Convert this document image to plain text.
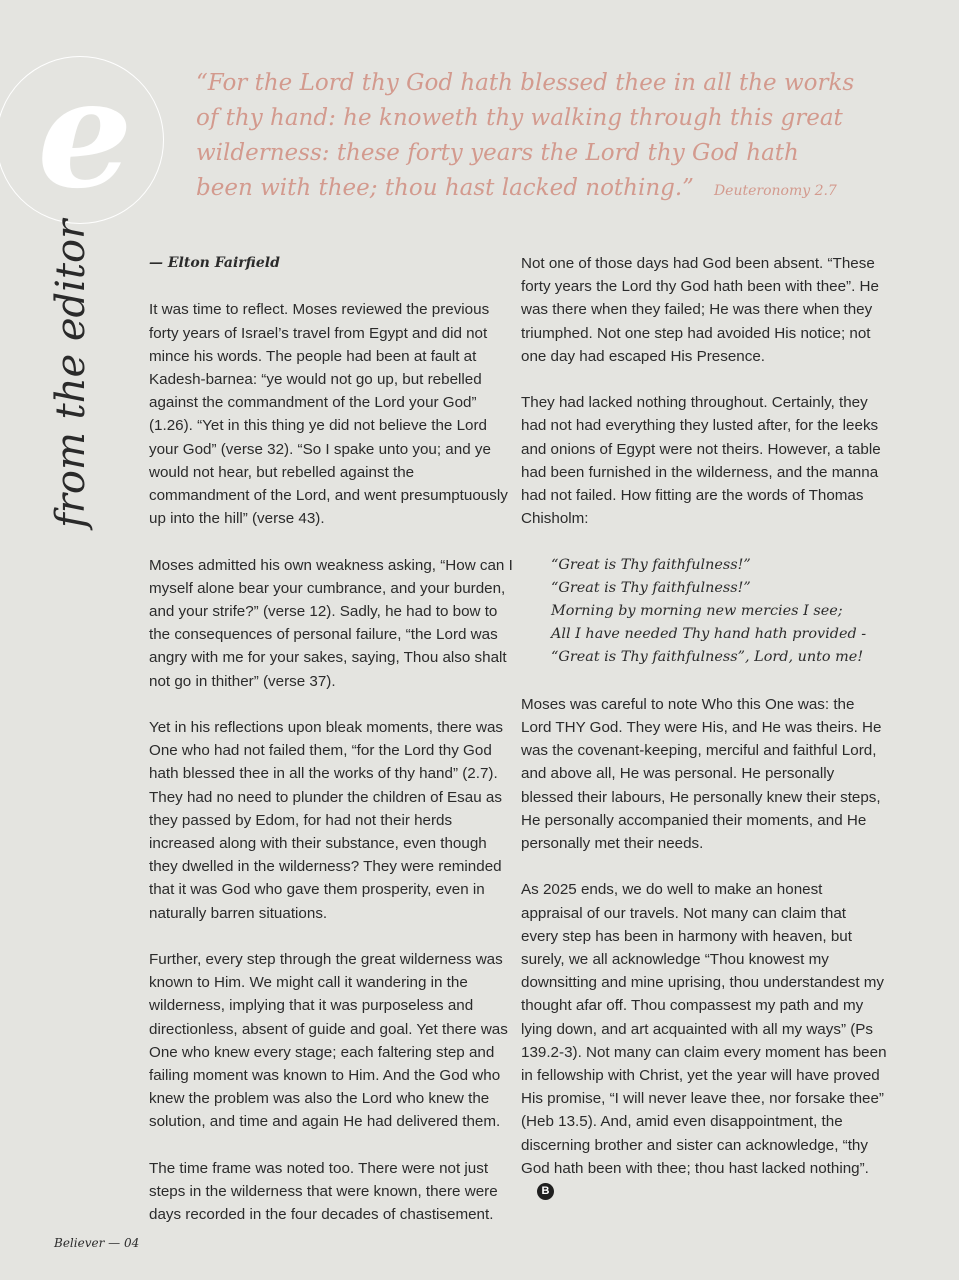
e	“For the Lord thy God hath blessed thee in all the works of thy hand: he knoweth thy walking through this great wilderness: these forty years the Lord thy God hath been with thee; thou hast lacked nothing.” Deuteronomy 2.7

from the editor	— Elton Fairfield

It was time to reflect. Moses reviewed the previous forty years of Israel’s travel from Egypt and did not mince his words. The people had been at fault at Kadesh-barnea: “ye would not go up, but rebelled against the commandment of the Lord your God” (1.26). “Yet in this thing ye did not believe the Lord your God” (verse 32). “So I spake unto you; and ye would not hear, but rebelled against the commandment of the Lord, and went presumptuously up into the hill” (verse 43).

Moses admitted his own weakness asking, “How can I myself alone bear your cumbrance, and your burden, and your strife?” (verse 12). Sadly, he had to bow to the consequences of personal failure, “the Lord was angry with me for your sakes, saying, Thou also shalt not go in thither” (verse 37).

Yet in his reflections upon bleak moments, there was One who had not failed them, “for the Lord thy God hath blessed thee in all the works of thy hand” (2.7). They had no need to plunder the children of Esau as they passed by Edom, for had not their herds increased along with their substance, even though they dwelled in the wilderness? They were reminded that it was God who gave them prosperity, even in naturally barren situations.

Further, every step through the great wilderness was known to Him. We might call it wandering in the wilderness, implying that it was purposeless and directionless, absent of guide and goal. Yet there was One who knew every stage; each faltering step and failing moment was known to Him. And the God who knew the problem was also the Lord who knew the solution, and time and again He had delivered them.

The time frame was noted too. There were not just steps in the wilderness that were known, there were days recorded in the four decades of chastisement.

Not one of those days had God been absent. “These forty years the Lord thy God hath been with thee”. He was there when they failed; He was there when they triumphed. Not one step had avoided His notice; not one day had escaped His Presence.

They had lacked nothing throughout. Certainly, they had not had everything they lusted after, for the leeks and onions of Egypt were not theirs. However, a table had been furnished in the wilderness, and the manna had not failed. How fitting are the words of Thomas Chisholm:

“Great is Thy faithfulness!”
“Great is Thy faithfulness!”
Morning by morning new mercies I see;
All I have needed Thy hand hath provided -
“Great is Thy faithfulness”, Lord, unto me!

Moses was careful to note Who this One was: the Lord THY God. They were His, and He was theirs. He was the covenant-keeping, merciful and faithful Lord, and above all, He was personal. He personally blessed their labours, He personally knew their steps, He personally accompanied their moments, and He personally met their needs.

As 2025 ends, we do well to make an honest appraisal of our travels. Not many can claim that every step has been in harmony with heaven, but surely, we all acknowledge “Thou knowest my downsitting and mine uprising, thou understandest my thought afar off. Thou compassest my path and my lying down, and art acquainted with all my ways” (Ps 139.2-3). Not many can claim every moment has been in fellowship with Christ, yet the year will have proved His promise, “I will never leave thee, nor forsake thee” (Heb 13.5). And, amid even disappointment, the discerning brother and sister can acknowledge, “thy God hath been with thee; thou hast lacked nothing”.B

Believer — 04
